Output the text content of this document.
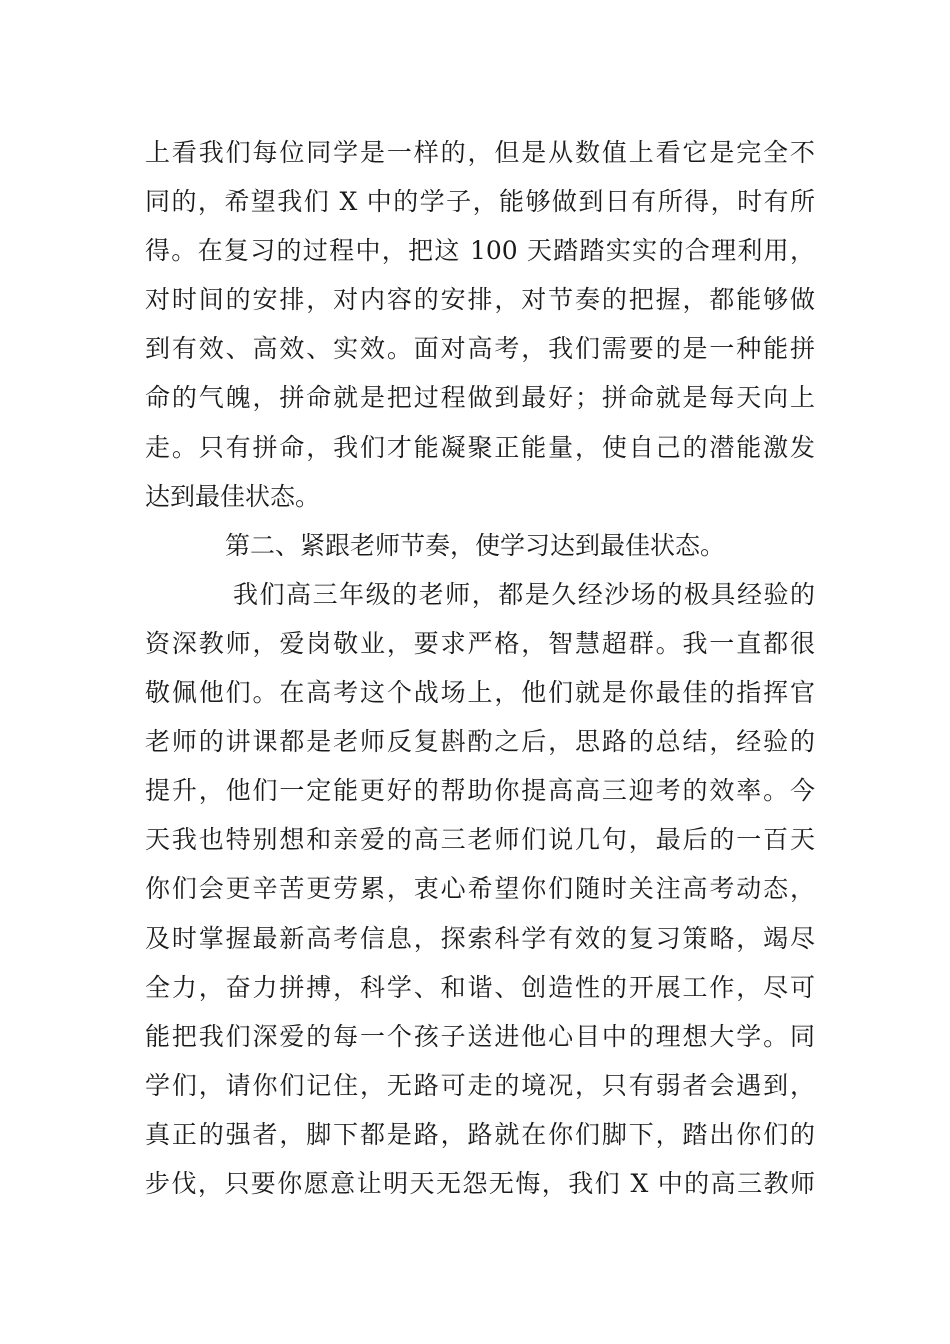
上看我们每位同学是一样的，但是从数值上看它是完全不
同的，希望我们 X 中的学子，能够做到日有所得，时有所
得。在复习的过程中，把这 100 天踏踏实实的合理利用，
对时间的安排，对内容的安排，对节奏的把握，都能够做
到有效、高效、实效。面对高考，我们需要的是一种能拼
命的气魄，拼命就是把过程做到最好；拼命就是每天向上
走。只有拼命，我们才能凝聚正能量，使自己的潜能激发
达到最佳状态。
第二、紧跟老师节奏，使学习达到最佳状态。
我们高三年级的老师，都是久经沙场的极具经验的
资深教师，爱岗敬业，要求严格，智慧超群。我一直都很
敬佩他们。在高考这个战场上，他们就是你最佳的指挥官
老师的讲课都是老师反复斟酌之后，思路的总结，经验的
提升，他们一定能更好的帮助你提高高三迎考的效率。今
天我也特别想和亲爱的高三老师们说几句，最后的一百天
你们会更辛苦更劳累，衷心希望你们随时关注高考动态，
及时掌握最新高考信息，探索科学有效的复习策略，竭尽
全力，奋力拼搏，科学、和谐、创造性的开展工作，尽可
能把我们深爱的每一个孩子送进他心目中的理想大学。同
学们，请你们记住，无路可走的境况，只有弱者会遇到，
真正的强者，脚下都是路，路就在你们脚下，踏出你们的
步伐，只要你愿意让明天无怨无悔，我们 X 中的高三教师
